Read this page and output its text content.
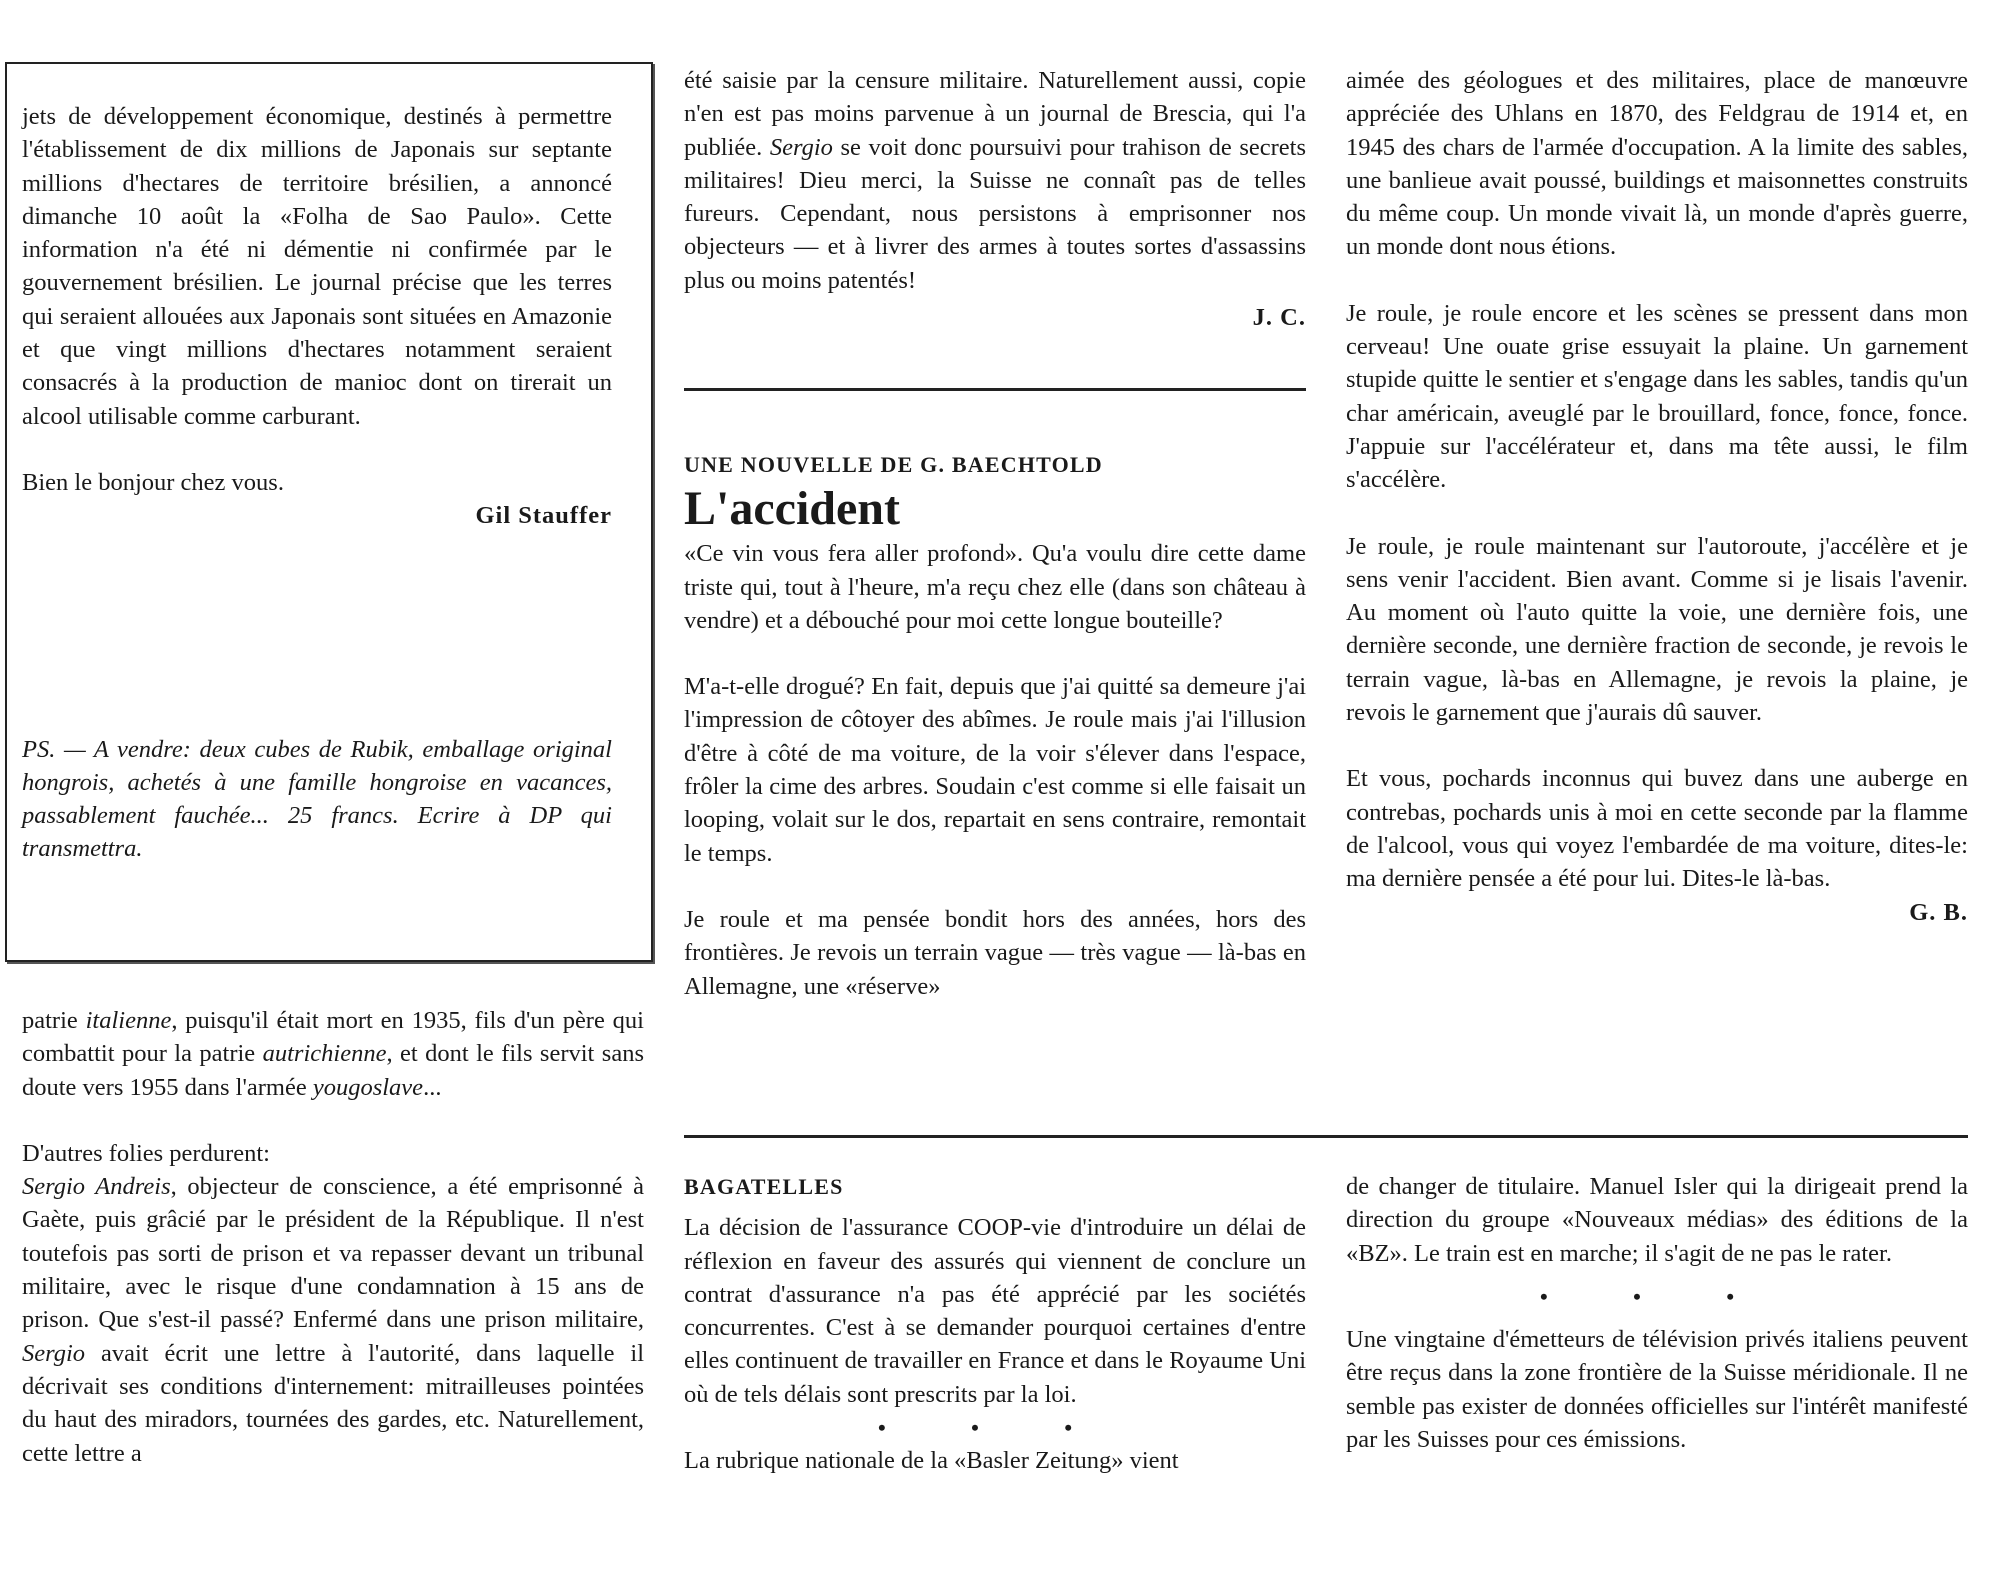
jets de développement économique, destinés à permettre l'établissement de dix millions de Japonais sur septante millions d'hectares de territoire brésilien, a annoncé dimanche 10 août la «Folha de Sao Paulo». Cette information n'a été ni démentie ni confirmée par le gouvernement brésilien. Le journal précise que les terres qui seraient allouées aux Japonais sont situées en Amazonie et que vingt millions d'hectares notamment seraient consacrés à la production de manioc dont on tirerait un alcool utilisable comme carburant.

Bien le bonjour chez vous.

Gil Stauffer

PS. — A vendre: deux cubes de Rubik, emballage original hongrois, achetés à une famille hongroise en vacances, passablement fauchée... 25 francs. Ecrire à DP qui transmettra.

patrie italienne, puisqu'il était mort en 1935, fils d'un père qui combattit pour la patrie autrichienne, et dont le fils servit sans doute vers 1955 dans l'armée yougoslave...

D'autres folies perdurent:

Sergio Andreis, objecteur de conscience, a été emprisonné à Gaète, puis grâcié par le président de la République. Il n'est toutefois pas sorti de prison et va repasser devant un tribunal militaire, avec le risque d'une condamnation à 15 ans de prison. Que s'est-il passé? Enfermé dans une prison militaire, Sergio avait écrit une lettre à l'autorité, dans laquelle il décrivait ses conditions d'internement: mitrailleuses pointées du haut des miradors, tournées des gardes, etc. Naturellement, cette lettre a

été saisie par la censure militaire. Naturellement aussi, copie n'en est pas moins parvenue à un journal de Brescia, qui l'a publiée. Sergio se voit donc poursuivi pour trahison de secrets militaires! Dieu merci, la Suisse ne connaît pas de telles fureurs. Cependant, nous persistons à emprisonner nos objecteurs — et à livrer des armes à toutes sortes d'assassins plus ou moins patentés!

J. C.

UNE NOUVELLE DE G. BAECHTOLD

L'accident

«Ce vin vous fera aller profond». Qu'a voulu dire cette dame triste qui, tout à l'heure, m'a reçu chez elle (dans son château à vendre) et a débouché pour moi cette longue bouteille?

M'a-t-elle drogué? En fait, depuis que j'ai quitté sa demeure j'ai l'impression de côtoyer des abîmes. Je roule mais j'ai l'illusion d'être à côté de ma voiture, de la voir s'élever dans l'espace, frôler la cime des arbres. Soudain c'est comme si elle faisait un looping, volait sur le dos, repartait en sens contraire, remontait le temps.

Je roule et ma pensée bondit hors des années, hors des frontières. Je revois un terrain vague — très vague — là-bas en Allemagne, une «réserve»

aimée des géologues et des militaires, place de manœuvre appréciée des Uhlans en 1870, des Feldgrau de 1914 et, en 1945 des chars de l'armée d'occupation. A la limite des sables, une banlieue avait poussé, buildings et maisonnettes construits du même coup. Un monde vivait là, un monde d'après guerre, un monde dont nous étions.

Je roule, je roule encore et les scènes se pressent dans mon cerveau! Une ouate grise essuyait la plaine. Un garnement stupide quitte le sentier et s'engage dans les sables, tandis qu'un char américain, aveuglé par le brouillard, fonce, fonce, fonce. J'appuie sur l'accélérateur et, dans ma tête aussi, le film s'accélère.

Je roule, je roule maintenant sur l'autoroute, j'accélère et je sens venir l'accident. Bien avant. Comme si je lisais l'avenir. Au moment où l'auto quitte la voie, une dernière fois, une dernière seconde, une dernière fraction de seconde, je revois le terrain vague, là-bas en Allemagne, je revois la plaine, je revois le garnement que j'aurais dû sauver.

Et vous, pochards inconnus qui buvez dans une auberge en contrebas, pochards unis à moi en cette seconde par la flamme de l'alcool, vous qui voyez l'embardée de ma voiture, dites-le: ma dernière pensée a été pour lui. Dites-le là-bas.

G. B.

BAGATELLES

La décision de l'assurance COOP-vie d'introduire un délai de réflexion en faveur des assurés qui viennent de conclure un contrat d'assurance n'a pas été apprécié par les sociétés concurrentes. C'est à se demander pourquoi certaines d'entre elles continuent de travailler en France et dans le Royaume Uni où de tels délais sont prescrits par la loi.

• • •

La rubrique nationale de la «Basler Zeitung» vient

de changer de titulaire. Manuel Isler qui la dirigeait prend la direction du groupe «Nouveaux médias» des éditions de la «BZ». Le train est en marche; il s'agit de ne pas le rater.

• • •

Une vingtaine d'émetteurs de télévision privés italiens peuvent être reçus dans la zone frontière de la Suisse méridionale. Il ne semble pas exister de données officielles sur l'intérêt manifesté par les Suisses pour ces émissions.
